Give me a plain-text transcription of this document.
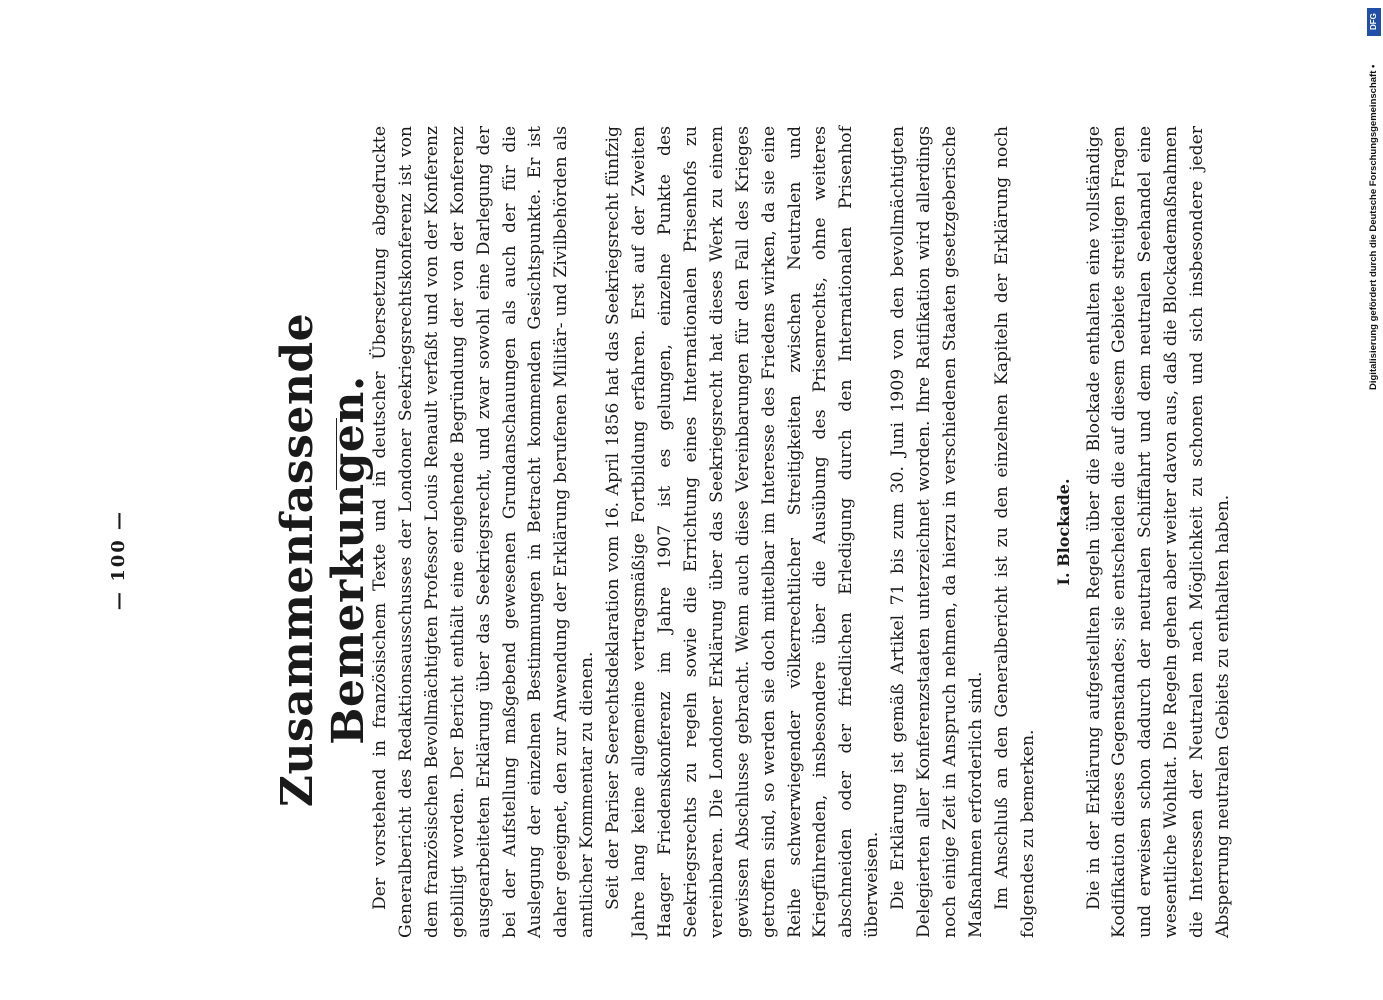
— 100 —	Zusammenfassende Bemerkungen.

Der vorstehend in französischem Texte und in deutscher Übersetzung abgedruckte Generalbericht des Redaktionsausschusses der Londoner Seekriegsrechtskonferenz ist von dem französischen Bevollmächtigten Professor Louis Renault verfaßt und von der Konferenz gebilligt worden. Der Bericht enthält eine eingehende Begründung der von der Konferenz ausgearbeiteten Erklärung über das Seekriegsrecht, und zwar sowohl eine Darlegung der bei der Aufstellung maßgebend gewesenen Grundanschauungen als auch der für die Auslegung der einzelnen Bestimmungen in Betracht kommenden Gesichtspunkte. Er ist daher geeignet, den zur Anwendung der Erklärung berufenen Militär- und Zivilbehörden als amtlicher Kommentar zu dienen. Seit der Pariser Seerechtsdeklaration vom 16. April 1856 hat das Seekriegsrecht fünfzig Jahre lang keine allgemeine vertragsmäßige Fortbildung erfahren. Erst auf der Zweiten Haager Friedenskonferenz im Jahre 1907 ist es gelungen, einzelne Punkte des Seekriegsrechts zu regeln sowie die Errichtung eines Internationalen Prisenhofs zu vereinbaren. Die Londoner Erklärung über das Seekriegsrecht hat dieses Werk zu einem gewissen Abschlusse gebracht. Wenn auch diese Vereinbarungen für den Fall des Krieges getroffen sind, so werden sie doch mittelbar im Interesse des Friedens wirken, da sie eine Reihe schwerwiegender völkerrechtlicher Streitigkeiten zwischen Neutralen und Kriegführenden, insbesondere über die Ausübung des Prisenrechts, ohne weiteres abschneiden oder der friedlichen Erledigung durch den Internationalen Prisenhof überweisen. Die Erklärung ist gemäß Artikel 71 bis zum 30. Juni 1909 von den bevollmächtigten Delegierten aller Konferenzstaaten unterzeichnet worden. Ihre Ratifikation wird allerdings noch einige Zeit in Anspruch nehmen, da hierzu in verschiedenen Staaten gesetzgeberische Maßnahmen erforderlich sind. Im Anschluß an den Generalbericht ist zu den einzelnen Kapiteln der Erklärung noch folgendes zu bemerken.

I. Blockade. Die in der Erklärung aufgestellten Regeln über die Blockade enthalten eine vollständige Kodifikation dieses Gegenstandes; sie entscheiden die auf diesem Gebiete streitigen Fragen und erweisen schon dadurch der neutralen Schiffahrt und dem neutralen Seehandel eine wesentliche Wohltat. Die Regeln gehen aber weiter davon aus, daß die Blockademaßnahmen die Interessen der Neutralen nach Möglichkeit zu schonen und sich insbesondere jeder Absperrung neutralen Gebiets zu enthalten haben.

DFG
Digitalisierung gefördert durch die Deutsche Forschungsgemeinschaft •
